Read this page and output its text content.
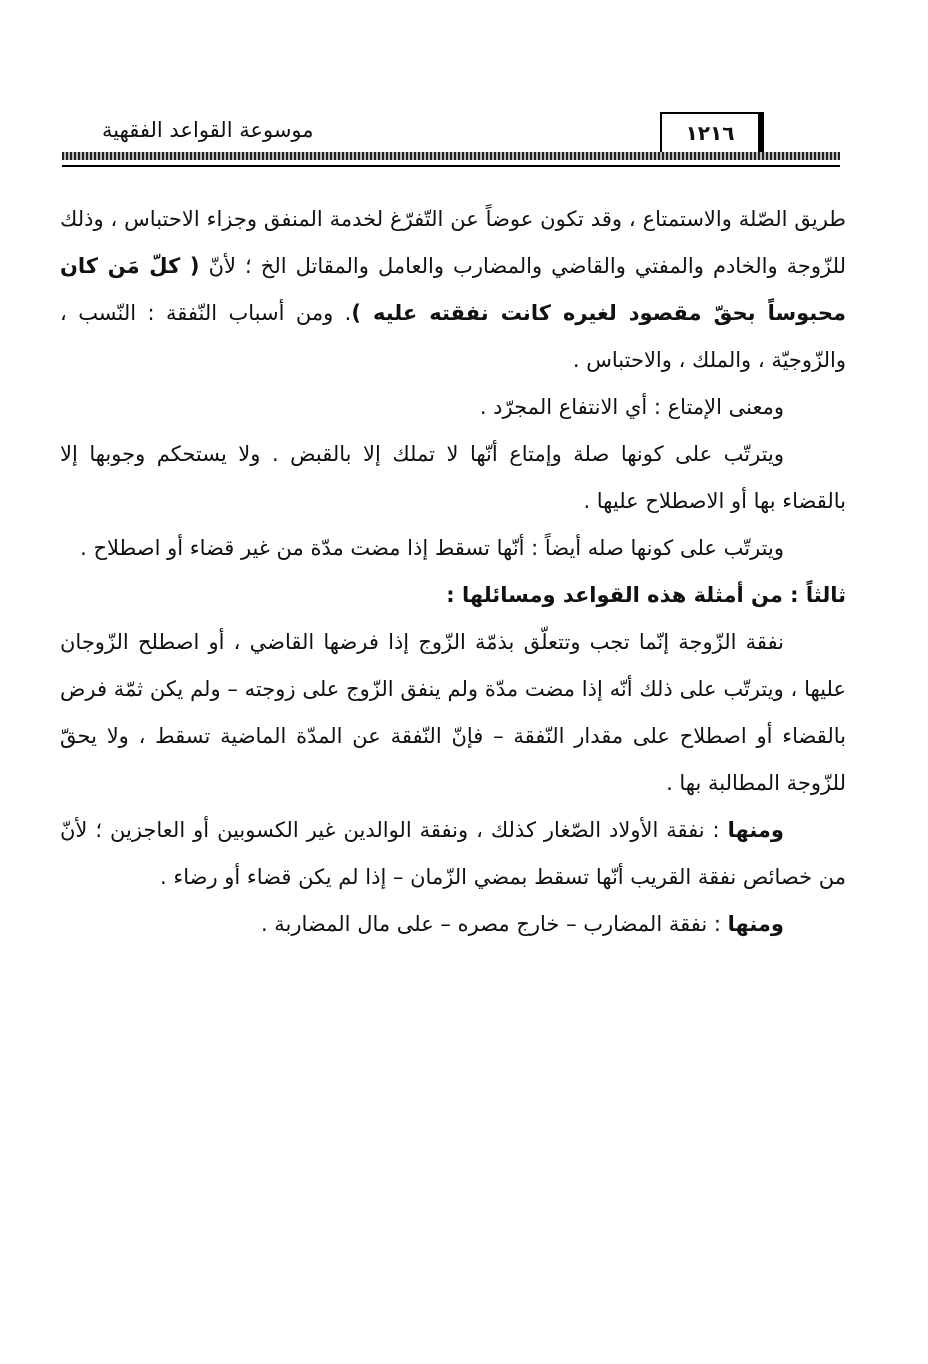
موسوعة القواعد الفقهية	١٢١٦

طريق الصّلة والاستمتاع ، وقد تكون عوضاً عن التّفرّغ لخدمة المنفق وجزاء الاحتباس ، وذلك للزّوجة والخادم والمفتي والقاضي والمضارب والعامل والمقاتل الخ ؛ لأنّ ( كلّ مَن كان محبوساً بحقّ مقصود لغيره كانت نفقته عليه ). ومن أسباب النّفقة : النّسب ، والزّوجيّة ، والملك ، والاحتباس .

ومعنى الإمتاع : أي الانتفاع المجرّد .

ويترتّب على كونها صلة وإمتاع أنّها لا تملك إلا بالقبض . ولا يستحكم وجوبها إلا بالقضاء بها أو الاصطلاح عليها .

ويترتّب على كونها صله أيضاً : أنّها تسقط إذا مضت مدّة من غير قضاء أو اصطلاح .

ثالثاً : من أمثلة هذه القواعد ومسائلها :

نفقة الزّوجة إنّما تجب وتتعلّق بذمّة الزّوج إذا فرضها القاضي ، أو اصطلح الزّوجان عليها ، ويترتّب على ذلك أنّه إذا مضت مدّة ولم ينفق الزّوج على زوجته – ولم يكن ثمّة فرض بالقضاء أو اصطلاح على مقدار النّفقة – فإنّ النّفقة عن المدّة الماضية تسقط ، ولا يحقّ للزّوجة المطالبة بها .

ومنها : نفقة الأولاد الصّغار كذلك ، ونفقة الوالدين غير الكسوبين أو العاجزين ؛ لأنّ من خصائص نفقة القريب أنّها تسقط بمضي الزّمان – إذا لم يكن قضاء أو رضاء .

ومنها : نفقة المضارب – خارج مصره – على مال المضاربة .
